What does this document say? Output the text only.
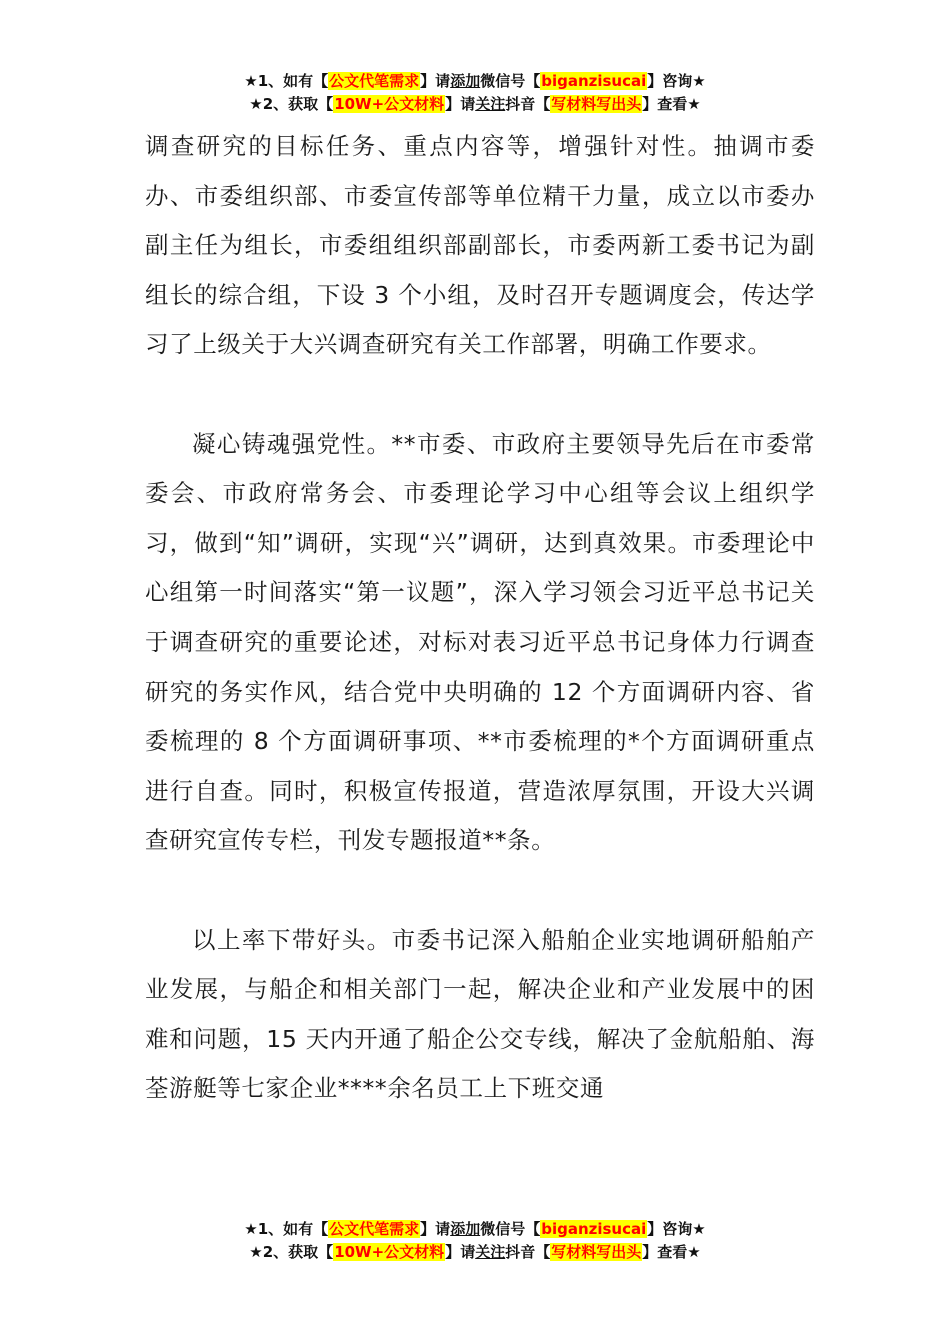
★1、如有【公文代笔需求】请添加微信号【biganzisucai】咨询★
★2、获取【10W+公文材料】请关注抖音【写材料写出头】查看★

调查研究的目标任务、重点内容等，增强针对性。抽调市委办、市委组织部、市委宣传部等单位精干力量，成立以市委办副主任为组长，市委组组织部副部长，市委两新工委书记为副组长的综合组，下设 3 个小组，及时召开专题调度会，传达学习了上级关于大兴调查研究有关工作部署，明确工作要求。

凝心铸魂强党性。**市委、市政府主要领导先后在市委常委会、市政府常务会、市委理论学习中心组等会议上组织学习，做到“知”调研，实现“兴”调研，达到真效果。市委理论中心组第一时间落实“第一议题”，深入学习领会习近平总书记关于调查研究的重要论述，对标对表习近平总书记身体力行调查研究的务实作风，结合党中央明确的 12 个方面调研内容、省委梳理的 8 个方面调研事项、**市委梳理的*个方面调研重点进行自查。同时，积极宣传报道，营造浓厚氛围，开设大兴调查研究宣传专栏，刊发专题报道**条。

以上率下带好头。市委书记深入船舶企业实地调研船舶产业发展，与船企和相关部门一起，解决企业和产业发展中的困难和问题，15 天内开通了船企公交专线，解决了金航船舶、海荃游艇等七家企业****余名员工上下班交通

★1、如有【公文代笔需求】请添加微信号【biganzisucai】咨询★
★2、获取【10W+公文材料】请关注抖音【写材料写出头】查看★
